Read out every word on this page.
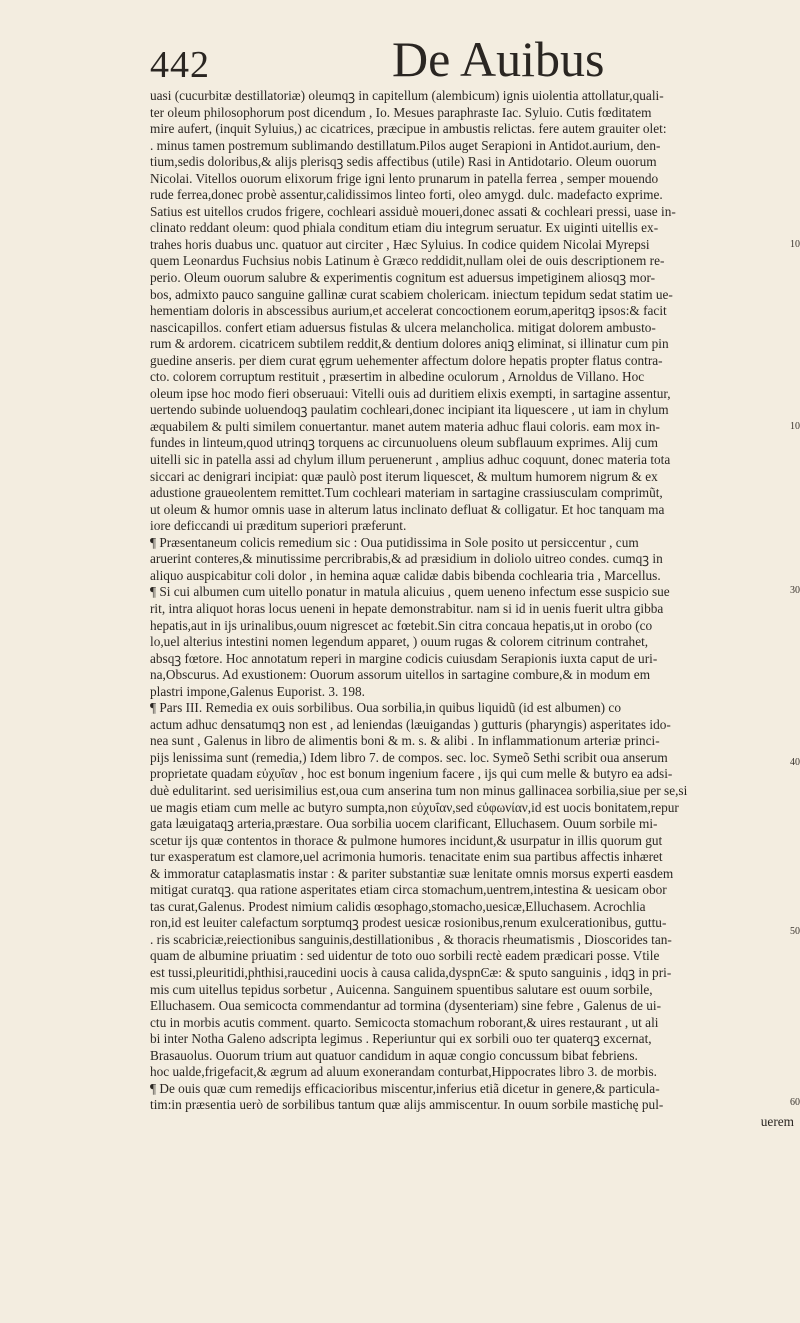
442	De Auibus
uasi (cucurbitæ destillatoriæ) oleumqꝫ in capitellum (alembicum) ignis uiolentia attollatur,quali-
ter oleum philosophorum post dicendum , Io. Mesues paraphraste Iac. Syluio. Cutis fœditatem
mire aufert, (inquit Syluius,) ac cicatrices, præcipue in ambustis relictas. fere autem grauiter olet:
. minus tamen postremum sublimando destillatum.Pilos auget Serapioni in Antidot.aurium, den-
tium,sedis doloribus,& alijs plerisqꝫ sedis affectibus (utile) Rasi in Antidotario. Oleum ouorum
Nicolai. Vitellos ouorum elixorum frige igni lento prunarum in patella ferrea , semper mouendo
rude ferrea,donec probè assentur,calidissimos linteo forti, oleo amygd. dulc. madefacto exprime.
Satius est uitellos crudos frigere, cochleari assiduè moueri,donec assati & cochleari pressi, uase in-
clinato reddant oleum: quod phiala conditum etiam diu integrum seruatur. Ex uiginti uitellis ex-
trahes horis duabus unc. quatuor aut circiter , Hæc Syluius. In codice quidem Nicolai Myrepsi
quem Leonardus Fuchsius nobis Latinum è Græco reddidit,nullam olei de ouis descriptionem re-
perio. Oleum ouorum salubre & experimentis cognitum est aduersus impetiginem aliosqꝫ mor-
bos, admixto pauco sanguine gallinæ curat scabiem cholericam. iniectum tepidum sedat statim ue-
hementiam doloris in abscessibus aurium,et accelerat concoctionem eorum,aperitqꝫ ipsos:& facit
nascicapillos. confert etiam aduersus fistulas & ulcera melancholica. mitigat dolorem ambusto-
rum & ardorem. cicatricem subtilem reddit,& dentium dolores aniqꝫ eliminat, si illinatur cum pin
guedine anseris. per diem curat ęgrum uehementer affectum dolore hepatis propter flatus contra-
cto. colorem corruptum restituit , præsertim in albedine oculorum , Arnoldus de Villano. Hoc
oleum ipse hoc modo fieri obseruaui: Vitelli ouis ad duritiem elixis exempti, in sartagine assentur,
uertendo subinde uoluendoqꝫ paulatim cochleari,donec incipiant ita liquescere , ut iam in chylum
æquabilem & pulti similem conuertantur. manet autem materia adhuc flaui coloris. eam mox in-
fundes in linteum,quod utrinqꝫ torquens ac circunuoluens oleum subflauum exprimes. Alij cum
uitelli sic in patella assi ad chylum illum peruenerunt , amplius adhuc coquunt, donec materia tota
siccari ac denigrari incipiat: quæ paulò post iterum liquescet, & multum humorem nigrum & ex
adustione graueolentem remittet.Tum cochleari materiam in sartagine crassiusculam comprimũt,
ut oleum & humor omnis uase in alterum latus inclinato defluat & colligatur. Et hoc tanquam ma
iore deficcandi ui præditum superiori præferunt.
¶ Præsentaneum colicis remedium sic : Oua putidissima in Sole posito ut persiccentur , cum
aruerint conteres,& minutissime percribrabis,& ad præsidium in doliolo uitreo condes. cumqꝫ in
aliquo auspicabitur coli dolor , in hemina aquæ calidæ dabis bibenda cochlearia tria , Marcellus.
¶ Si cui albumen cum uitello ponatur in matula alicuius , quem ueneno infectum esse suspicio sue
rit, intra aliquot horas locus ueneni in hepate demonstrabitur. nam si id in uenis fuerit ultra gibba
hepatis,aut in ijs urinalibus,ouum nigrescet ac fœtebit.Sin citra concaua hepatis,ut in orobo (co
lo,uel alterius intestini nomen legendum apparet, ) ouum rugas & colorem citrinum contrahet,
absqꝫ fœtore. Hoc annotatum reperi in margine codicis cuiusdam Serapionis iuxta caput de uri-
na,Obscurus. Ad exustionem: Ouorum assorum uitellos in sartagine combure,& in modum em
plastri impone,Galenus Euporist. 3. 198.
¶ Pars III. Remedia ex ouis sorbilibus. Oua sorbilia,in quibus liquidũ (id est albumen) co
actum adhuc densatumqꝫ non est , ad leniendas (læuigandas ) gutturis (pharyngis) asperitates ido-
nea sunt , Galenus in libro de alimentis boni & m. s. & alibi . In inflammationum arteriæ princi-
pijs lenissima sunt (remedia,) Idem libro 7. de compos. sec. loc. Symeõ Sethi scribit oua anserum
proprietate quadam εὐχυΐαν , hoc est bonum ingenium facere , ijs qui cum melle & butyro ea adsi-
duè edulitarint. sed uerisimilius est,oua cum anserina tum non minus gallinacea sorbilia,siue per se,si
ue magis etiam cum melle ac butyro sumpta,non εὐχυΐαν,sed εὐφωνίαν,id est uocis bonitatem,repur
gata læuigataqꝫ arteria,præstare. Oua sorbilia uocem clarificant, Elluchasem. Ouum sorbile mi-
scetur ijs quæ contentos in thorace & pulmone humores incidunt,& usurpatur in illis quorum gut
tur exasperatum est clamore,uel acrimonia humoris. tenacitate enim sua partibus affectis inhæret
& immoratur cataplasmatis instar : & pariter substantiæ suæ lenitate omnis morsus experti easdem
mitigat curatqꝫ. qua ratione asperitates etiam circa stomachum,uentrem,intestina & uesicam obor
tas curat,Galenus. Prodest nimium calidis œsophago,stomacho,uesicæ,Elluchasem. Acrochlia
ron,id est leuiter calefactum sorptumqꝫ prodest uesicæ rosionibus,renum exulcerationibus, guttu-
. ris scabriciæ,reiectionibus sanguinis,destillationibus , & thoracis rheumatismis , Dioscorides tan-
quam de albumine priuatim : sed uidentur de toto ouo sorbili rectè eadem prædicari posse. Vtile
est tussi,pleuritidi,phthisi,raucedini uocis à causa calida,dyspnϾæ: & sputo sanguinis , idqꝫ in pri-
mis cum uitellus tepidus sorbetur , Auicenna. Sanguinem spuentibus salutare est ouum sorbile,
Elluchasem. Oua semicocta commendantur ad tormina (dysenteriam) sine febre , Galenus de ui-
ctu in morbis acutis comment. quarto. Semicocta stomachum roborant,& uires restaurant , ut ali
bi inter Notha Galeno adscripta legimus . Reperiuntur qui ex sorbili ouo ter quaterqꝫ excernat,
Brasauolus. Ouorum trium aut quatuor candidum in aquæ congio concussum bibat febriens.
hoc ualde,frigefacit,& ægrum ad aluum exonerandam conturbat,Hippocrates libro 3. de morbis.
¶ De ouis quæ cum remedijs efficacioribus miscentur,inferius etiã dicetur in genere,& particula-
tim:in præsentia uerò de sorbilibus tantum quæ alijs ammiscentur. In ouum sorbile mastichę pul-
uerem
10
10
30
40
50
60
